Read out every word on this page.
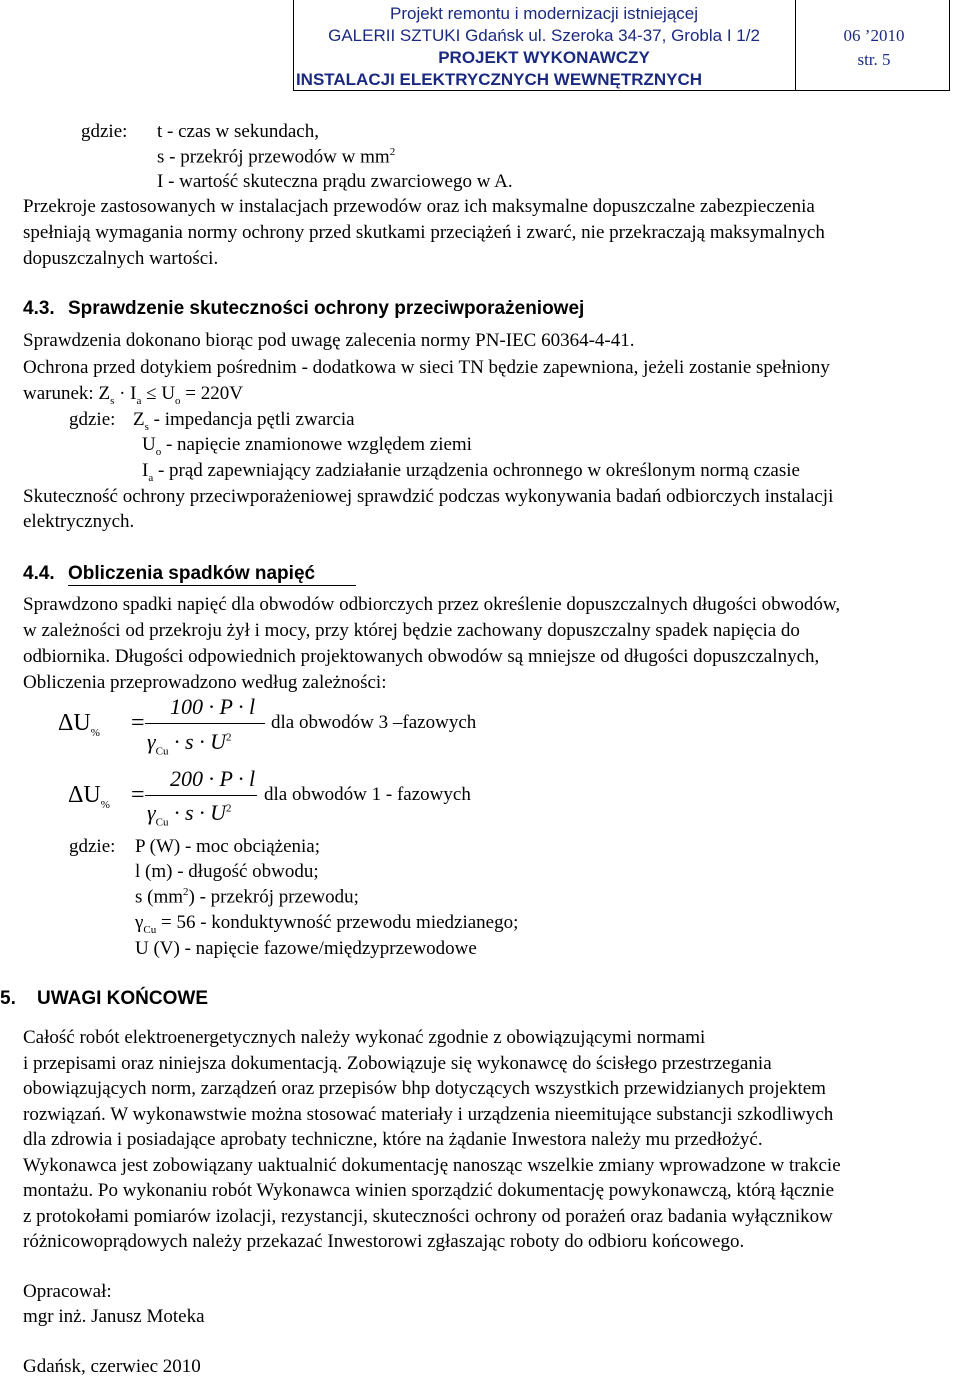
Projekt remontu i modernizacji istniejącej
GALERII SZTUKI Gdańsk ul. Szeroka 34-37, Grobla I 1/2
PROJEKT WYKONAWCZY
INSTALACJI ELEKTRYCZNYCH WEWNĘTRZNYCH
06 ’2010
str. 5
gdzie: t - czas w sekundach,
s - przekrój przewodów w $mm^2$
I - wartość skuteczna prądu zwarciowego w A.
Przekroje zastosowanych w instalacjach przewodów oraz ich maksymalne dopuszczalne zabezpieczenia
spełniają wymagania normy ochrony przed skutkami przeciążeń i zwarć, nie przekraczają maksymalnych
dopuszczalnych wartości.
4.3. Sprawdzenie skuteczności ochrony przeciwporażeniowej
Sprawdzenia dokonano biorąc pod uwagę zalecenia normy PN-IEC 60364-4-41.
Ochrona przed dotykiem pośrednim - dodatkowa w sieci TN będzie zapewniona, jeżeli zostanie spełniony
warunek: $Z_s \cdot I_a \le U_o = 220V$
gdzie: $Z_s$ - impedancja pętli zwarcia
$U_o$ - napięcie znamionowe względem ziemi
$I_a$ - prąd zapewniający zadziałanie urządzenia ochronnego w określonym normą czasie
Skuteczność ochrony przeciwporażeniowej sprawdzić podczas wykonywania badań odbiorczych instalacji
elektrycznych.
4.4. Obliczenia spadków napięć
Sprawdzono spadki napięć dla obwodów odbiorczych przez określenie dopuszczalnych długości obwodów,
w zależności od przekroju żył i mocy, przy której będzie zachowany dopuszczalny spadek napięcia do
odbiornika. Długości odpowiednich projektowanych obwodów są mniejsze od długości dopuszczalnych,
Obliczenia przeprowadzono według zależności:
$\Delta U_{\%}$ =
100 · P · l
$\gamma_{Cu} \cdot s \cdot U^2$
dla obwodów 3 –fazowych
$\Delta U_{\%}$ =
200 · P · l
$\gamma_{Cu} \cdot s \cdot U^2$
dla obwodów 1 - fazowych
gdzie: P (W) - moc obciążenia;
l (m) - długość obwodu;
s $(mm^2)$ - przekrój przewodu;
$\gamma_{Cu} = 56$ - konduktywność przewodu miedzianego;
U (V) - napięcie fazowe/międzyprzewodowe
5. UWAGI KOŃCOWE
Całość robót elektroenergetycznych należy wykonać zgodnie z obowiązującymi normami
i przepisami oraz niniejsza dokumentacją. Zobowiązuje się wykonawcę do ścisłego przestrzegania
obowiązujących norm, zarządzeń oraz przepisów bhp dotyczących wszystkich przewidzianych projektem
rozwiązań. W wykonawstwie można stosować materiały i urządzenia nieemitujące substancji szkodliwych
dla zdrowia i posiadające aprobaty techniczne, które na żądanie Inwestora należy mu przedłożyć.
Wykonawca jest zobowiązany uaktualnić dokumentację nanosząc wszelkie zmiany wprowadzone w trakcie
montażu. Po wykonaniu robót Wykonawca winien sporządzić dokumentację powykonawczą, którą łącznie
z protokołami pomiarów izolacji, rezystancji, skuteczności ochrony od porażeń oraz badania wyłącznikow
różnicowoprądowych należy przekazać Inwestorowi zgłaszając roboty do odbioru końcowego.
Opracował:
mgr inż. Janusz Moteka
Gdańsk, czerwiec 2010
